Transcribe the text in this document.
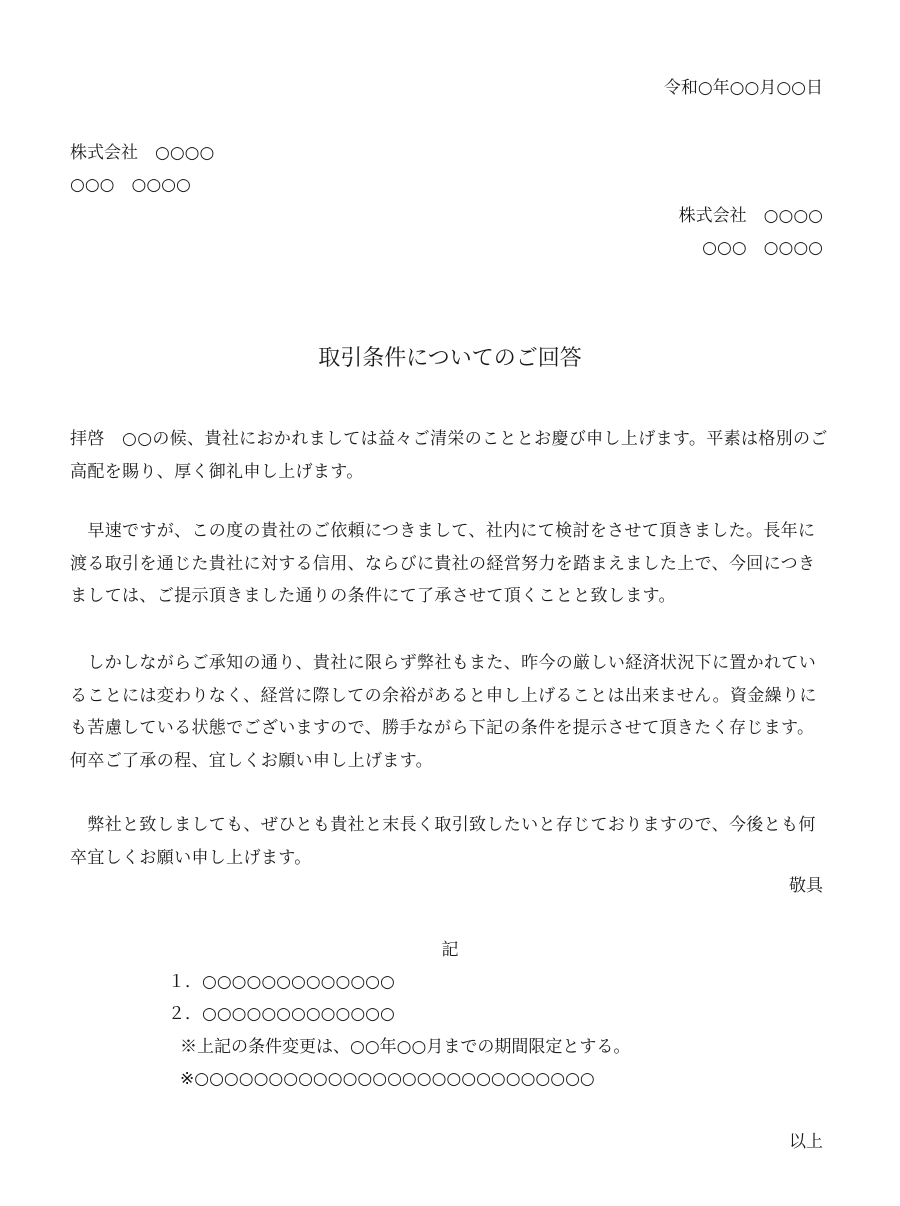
令和○年○○月○○日
株式会社　○○○○
○○○　○○○○
株式会社　○○○○
○○○　○○○○
取引条件についてのご回答

拝啓　○○の候、貴社におかれましては益々ご清栄のこととお慶び申し上げます。平素は格別のご高配を賜り、厚く御礼申し上げます。

　早速ですが、この度の貴社のご依頼につきまして、社内にて検討をさせて頂きました。長年に渡る取引を通じた貴社に対する信用、ならびに貴社の経営努力を踏まえました上で、今回につきましては、ご提示頂きました通りの条件にて了承させて頂くことと致します。

　しかしながらご承知の通り、貴社に限らず弊社もまた、昨今の厳しい経済状況下に置かれていることには変わりなく、経営に際しての余裕があると申し上げることは出来ません。資金繰りにも苦慮している状態でございますので、勝手ながら下記の条件を提示させて頂きたく存じます。何卒ご了承の程、宜しくお願い申し上げます。

　弊社と致しましても、ぜひとも貴社と末長く取引致したいと存じておりますので、今後とも何卒宜しくお願い申し上げます。

敬具
記
１．○○○○○○○○○○○○○
２．○○○○○○○○○○○○○
※上記の条件変更は、○○年○○月までの期間限定とする。
※○○○○○○○○○○○○○○○○○○○○○○○○○○○
以上
